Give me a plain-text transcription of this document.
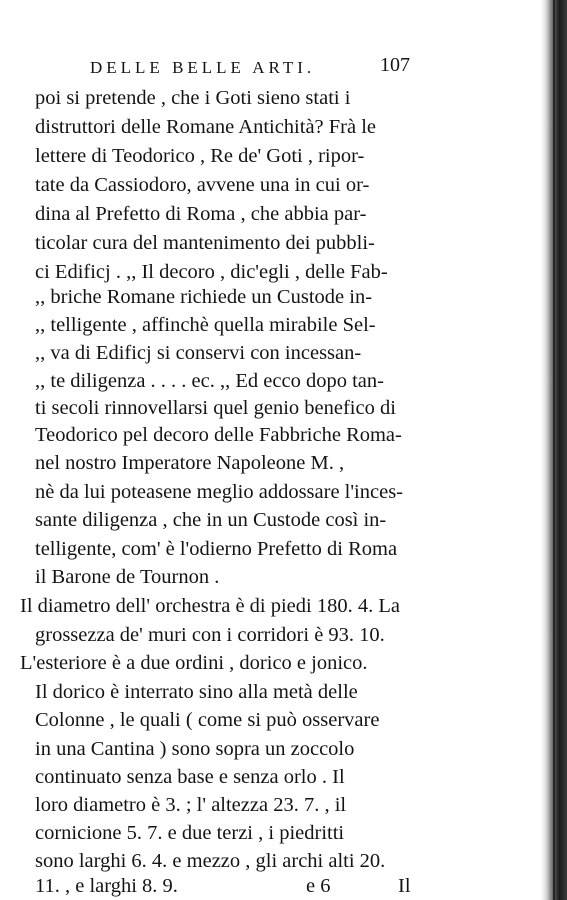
DELLE BELLE ARTI.	107
poi si pretende , che i Goti sieno stati i
distruttori delle Romane Antichità? Frà le
lettere di Teodorico , Re de' Goti , ripor-
tate da Cassiodoro, avvene una in cui or-
dina al Prefetto di Roma , che abbia par-
ticolar cura del mantenimento dei pubbli-
ci Edificj . ,, Il decoro , dic'egli , delle Fab-
,, briche Romane richiede un Custode in-
,, telligente , affinchè quella mirabile Sel-
,, va di Edificj si conservi con incessan-
,, te diligenza . . . . ec. ,, Ed ecco dopo tan-
ti secoli rinnovellarsi quel genio benefico di
Teodorico pel decoro delle Fabbriche Roma-
nel nostro Imperatore Napoleone M. ,
nè da lui poteasene meglio addossare l'inces-
sante diligenza , che in un Custode così in-
telligente, com' è l'odierno Prefetto di Roma
il Barone de Tournon .
Il diametro dell' orchestra è di piedi 180. 4. La
grossezza de' muri con i corridori è 93. 10.
L'esteriore è a due ordini , dorico e jonico.
Il dorico è interrato sino alla metà delle
Colonne , le quali ( come si può osservare
in una Cantina ) sono sopra un zoccolo
continuato senza base e senza orlo . Il
loro diametro è 3. ; l' altezza 23. 7. , il
cornicione 5. 7. e due terzi , i piedritti
sono larghi 6. 4. e mezzo , gli archi alti 20.
11. , e larghi 8. 9.	e 6	Il
